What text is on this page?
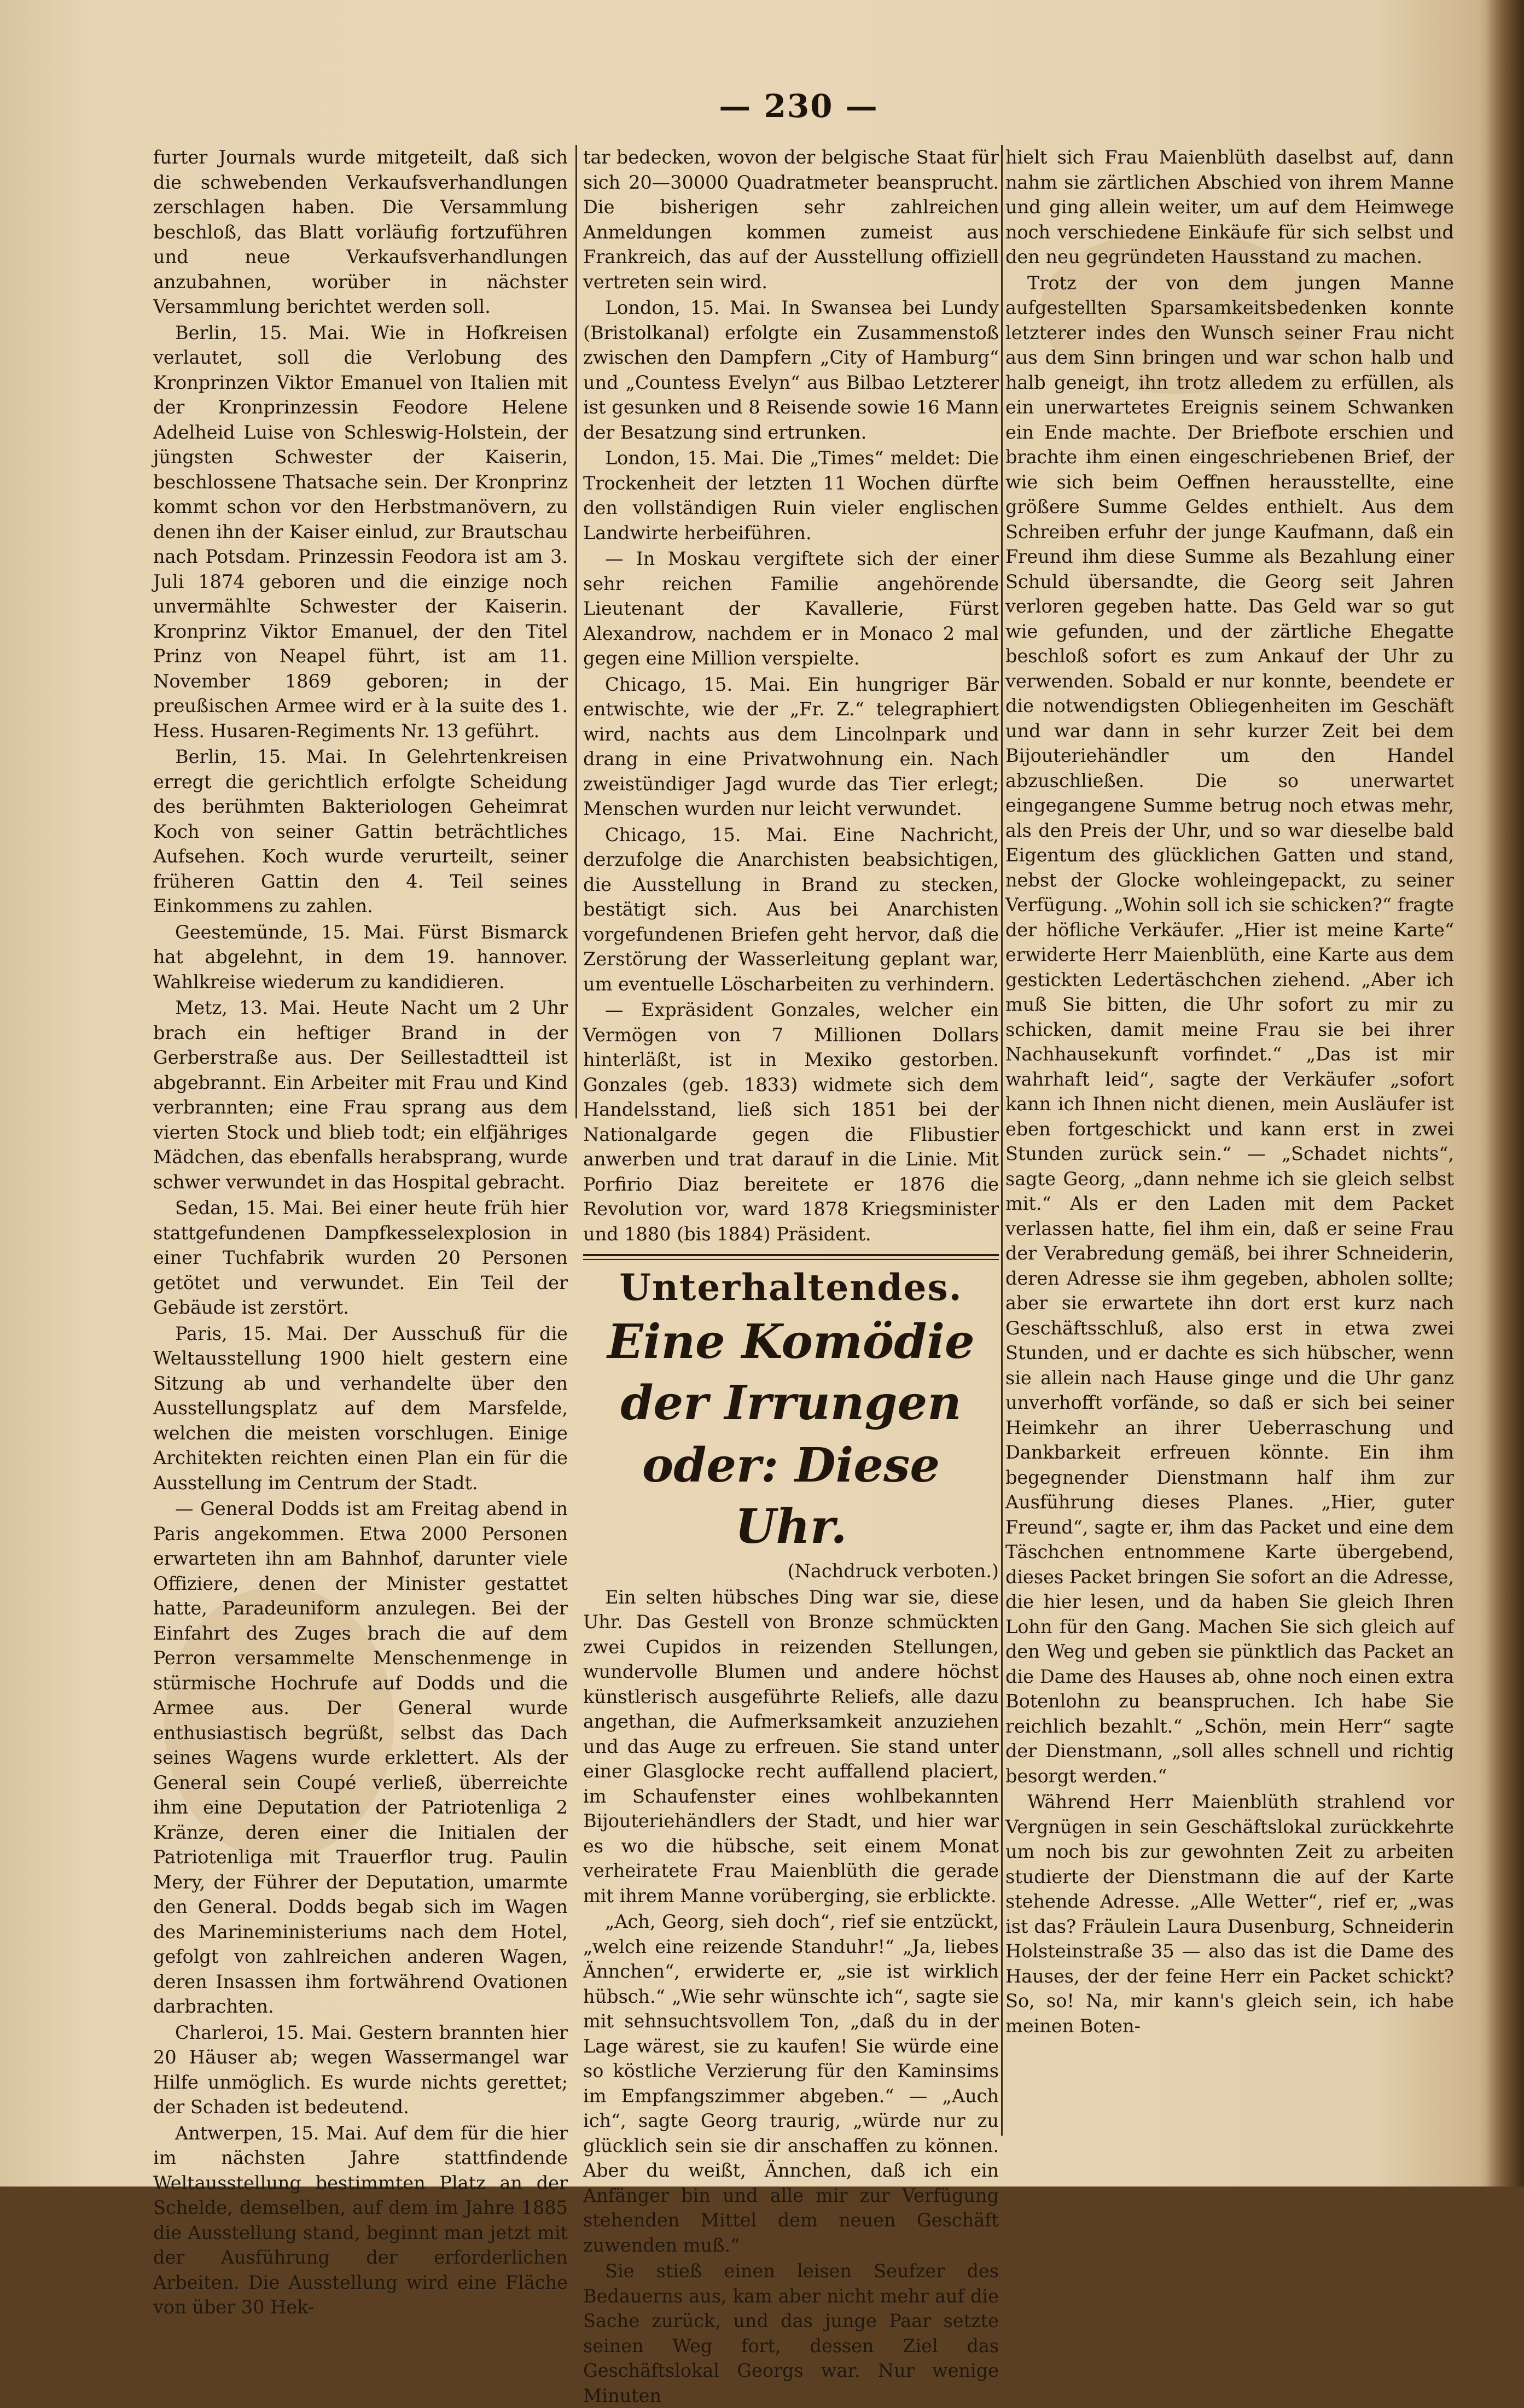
— 230 —

furter Journals wurde mitgeteilt, daß sich die schwebenden Verkaufsverhandlungen zerschlagen haben. Die Versammlung beschloß, das Blatt vorläufig fortzuführen und neue Verkaufsverhandlungen anzubahnen, worüber in nächster Versammlung berichtet werden soll.

Berlin, 15. Mai. Wie in Hofkreisen verlautet, soll die Verlobung des Kronprinzen Viktor Emanuel von Italien mit der Kronprinzessin Feodore Helene Adelheid Luise von Schleswig-Holstein, der jüngsten Schwester der Kaiserin, beschlossene Thatsache sein. Der Kronprinz kommt schon vor den Herbstmanövern, zu denen ihn der Kaiser einlud, zur Brautschau nach Potsdam. Prinzessin Feodora ist am 3. Juli 1874 geboren und die einzige noch unvermählte Schwester der Kaiserin. Kronprinz Viktor Emanuel, der den Titel Prinz von Neapel führt, ist am 11. November 1869 geboren; in der preußischen Armee wird er à la suite des 1. Hess. Husaren-Regiments Nr. 13 geführt.

Berlin, 15. Mai. In Gelehrtenkreisen erregt die gerichtlich erfolgte Scheidung des berühmten Bakteriologen Geheimrat Koch von seiner Gattin beträchtliches Aufsehen. Koch wurde verurteilt, seiner früheren Gattin den 4. Teil seines Einkommens zu zahlen.

Geestemünde, 15. Mai. Fürst Bismarck hat abgelehnt, in dem 19. hannover. Wahlkreise wiederum zu kandidieren.

Metz, 13. Mai. Heute Nacht um 2 Uhr brach ein heftiger Brand in der Gerberstraße aus. Der Seillestadtteil ist abgebrannt. Ein Arbeiter mit Frau und Kind verbrannten; eine Frau sprang aus dem vierten Stock und blieb todt; ein elfjähriges Mädchen, das ebenfalls herabsprang, wurde schwer verwundet in das Hospital gebracht.

Sedan, 15. Mai. Bei einer heute früh hier stattgefundenen Dampfkesselexplosion in einer Tuchfabrik wurden 20 Personen getötet und verwundet. Ein Teil der Gebäude ist zerstört.

Paris, 15. Mai. Der Ausschuß für die Weltausstellung 1900 hielt gestern eine Sitzung ab und verhandelte über den Ausstellungsplatz auf dem Marsfelde, welchen die meisten vorschlugen. Einige Architekten reichten einen Plan ein für die Ausstellung im Centrum der Stadt.

— General Dodds ist am Freitag abend in Paris angekommen. Etwa 2000 Personen erwarteten ihn am Bahnhof, darunter viele Offiziere, denen der Minister gestattet hatte, Paradeuniform anzulegen. Bei der Einfahrt des Zuges brach die auf dem Perron versammelte Menschenmenge in stürmische Hochrufe auf Dodds und die Armee aus. Der General wurde enthusiastisch begrüßt, selbst das Dach seines Wagens wurde erklettert. Als der General sein Coupé verließ, überreichte ihm eine Deputation der Patriotenliga 2 Kränze, deren einer die Initialen der Patriotenliga mit Trauerflor trug. Paulin Mery, der Führer der Deputation, umarmte den General. Dodds begab sich im Wagen des Marineministeriums nach dem Hotel, gefolgt von zahlreichen anderen Wagen, deren Insassen ihm fortwährend Ovationen darbrachten.

Charleroi, 15. Mai. Gestern brannten hier 20 Häuser ab; wegen Wassermangel war Hilfe unmöglich. Es wurde nichts gerettet; der Schaden ist bedeutend.

Antwerpen, 15. Mai. Auf dem für die hier im nächsten Jahre stattfindende Weltausstellung bestimmten Platz an der Schelde, demselben, auf dem im Jahre 1885 die Ausstellung stand, beginnt man jetzt mit der Ausführung der erforderlichen Arbeiten. Die Ausstellung wird eine Fläche von über 30 Hek-

tar bedecken, wovon der belgische Staat für sich 20—30000 Quadratmeter beansprucht. Die bisherigen sehr zahlreichen Anmeldungen kommen zumeist aus Frankreich, das auf der Ausstellung offiziell vertreten sein wird.

London, 15. Mai. In Swansea bei Lundy (Bristolkanal) erfolgte ein Zusammenstoß zwischen den Dampfern „City of Hamburg“ und „Countess Evelyn“ aus Bilbao Letzterer ist gesunken und 8 Reisende sowie 16 Mann der Besatzung sind ertrunken.

London, 15. Mai. Die „Times“ meldet: Die Trockenheit der letzten 11 Wochen dürfte den vollständigen Ruin vieler englischen Landwirte herbeiführen.

— In Moskau vergiftete sich der einer sehr reichen Familie angehörende Lieutenant der Kavallerie, Fürst Alexandrow, nachdem er in Monaco 2 mal gegen eine Million verspielte.

Chicago, 15. Mai. Ein hungriger Bär entwischte, wie der „Fr. Z.“ telegraphiert wird, nachts aus dem Lincolnpark und drang in eine Privatwohnung ein. Nach zweistündiger Jagd wurde das Tier erlegt; Menschen wurden nur leicht verwundet.

Chicago, 15. Mai. Eine Nachricht, derzufolge die Anarchisten beabsichtigen, die Ausstellung in Brand zu stecken, bestätigt sich. Aus bei Anarchisten vorgefundenen Briefen geht hervor, daß die Zerstörung der Wasserleitung geplant war, um eventuelle Löscharbeiten zu verhindern.

— Expräsident Gonzales, welcher ein Vermögen von 7 Millionen Dollars hinterläßt, ist in Mexiko gestorben. Gonzales (geb. 1833) widmete sich dem Handelsstand, ließ sich 1851 bei der Nationalgarde gegen die Flibustier anwerben und trat darauf in die Linie. Mit Porfirio Diaz bereitete er 1876 die Revolution vor, ward 1878 Kriegsminister und 1880 (bis 1884) Präsident.

Unterhaltendes.

Eine Komödie der Irrungen

oder: Diese Uhr.

(Nachdruck verboten.)

Ein selten hübsches Ding war sie, diese Uhr. Das Gestell von Bronze schmückten zwei Cupidos in reizenden Stellungen, wundervolle Blumen und andere höchst künstlerisch ausgeführte Reliefs, alle dazu angethan, die Aufmerksamkeit anzuziehen und das Auge zu erfreuen. Sie stand unter einer Glasglocke recht auffallend placiert, im Schaufenster eines wohlbekannten Bijouteriehändlers der Stadt, und hier war es wo die hübsche, seit einem Monat verheiratete Frau Maienblüth die gerade mit ihrem Manne vorüberging, sie erblickte.

„Ach, Georg, sieh doch“, rief sie entzückt, „welch eine reizende Standuhr!“ „Ja, liebes Ännchen“, erwiderte er, „sie ist wirklich hübsch.“ „Wie sehr wünschte ich“, sagte sie mit sehnsuchtsvollem Ton, „daß du in der Lage wärest, sie zu kaufen! Sie würde eine so köstliche Verzierung für den Kaminsims im Empfangszimmer abgeben.“ — „Auch ich“, sagte Georg traurig, „würde nur zu glücklich sein sie dir anschaffen zu können. Aber du weißt, Ännchen, daß ich ein Anfänger bin und alle mir zur Verfügung stehenden Mittel dem neuen Geschäft zuwenden muß.“

Sie stieß einen leisen Seufzer des Bedauerns aus, kam aber nicht mehr auf die Sache zurück, und das junge Paar setzte seinen Weg fort, dessen Ziel das Geschäftslokal Georgs war. Nur wenige Minuten

hielt sich Frau Maienblüth daselbst auf, dann nahm sie zärtlichen Abschied von ihrem Manne und ging allein weiter, um auf dem Heimwege noch verschiedene Einkäufe für sich selbst und den neu gegründeten Hausstand zu machen.

Trotz der von dem jungen Manne aufgestellten Sparsamkeitsbedenken konnte letzterer indes den Wunsch seiner Frau nicht aus dem Sinn bringen und war schon halb und halb geneigt, ihn trotz alledem zu erfüllen, als ein unerwartetes Ereignis seinem Schwanken ein Ende machte. Der Briefbote erschien und brachte ihm einen eingeschriebenen Brief, der wie sich beim Oeffnen herausstellte, eine größere Summe Geldes enthielt. Aus dem Schreiben erfuhr der junge Kaufmann, daß ein Freund ihm diese Summe als Bezahlung einer Schuld übersandte, die Georg seit Jahren verloren gegeben hatte. Das Geld war so gut wie gefunden, und der zärtliche Ehegatte beschloß sofort es zum Ankauf der Uhr zu verwenden. Sobald er nur konnte, beendete er die notwendigsten Obliegenheiten im Geschäft und war dann in sehr kurzer Zeit bei dem Bijouteriehändler um den Handel abzuschließen. Die so unerwartet eingegangene Summe betrug noch etwas mehr, als den Preis der Uhr, und so war dieselbe bald Eigentum des glücklichen Gatten und stand, nebst der Glocke wohleingepackt, zu seiner Verfügung. „Wohin soll ich sie schicken?“ fragte der höfliche Verkäufer. „Hier ist meine Karte“ erwiderte Herr Maienblüth, eine Karte aus dem gestickten Ledertäschchen ziehend. „Aber ich muß Sie bitten, die Uhr sofort zu mir zu schicken, damit meine Frau sie bei ihrer Nachhausekunft vorfindet.“ „Das ist mir wahrhaft leid“, sagte der Verkäufer „sofort kann ich Ihnen nicht dienen, mein Ausläufer ist eben fortgeschickt und kann erst in zwei Stunden zurück sein.“ — „Schadet nichts“, sagte Georg, „dann nehme ich sie gleich selbst mit.“ Als er den Laden mit dem Packet verlassen hatte, fiel ihm ein, daß er seine Frau der Verabredung gemäß, bei ihrer Schneiderin, deren Adresse sie ihm gegeben, abholen sollte; aber sie erwartete ihn dort erst kurz nach Geschäftsschluß, also erst in etwa zwei Stunden, und er dachte es sich hübscher, wenn sie allein nach Hause ginge und die Uhr ganz unverhofft vorfände, so daß er sich bei seiner Heimkehr an ihrer Ueberraschung und Dankbarkeit erfreuen könnte. Ein ihm begegnender Dienstmann half ihm zur Ausführung dieses Planes. „Hier, guter Freund“, sagte er, ihm das Packet und eine dem Täschchen entnommene Karte übergebend, dieses Packet bringen Sie sofort an die Adresse, die hier lesen, und da haben Sie gleich Ihren Lohn für den Gang. Machen Sie sich gleich auf den Weg und geben sie pünktlich das Packet an die Dame des Hauses ab, ohne noch einen extra Botenlohn zu beanspruchen. Ich habe Sie reichlich bezahlt.“ „Schön, mein Herr“ sagte der Dienstmann, „soll alles schnell und richtig besorgt werden.“

Während Herr Maienblüth strahlend vor Vergnügen in sein Geschäftslokal zurückkehrte um noch bis zur gewohnten Zeit zu arbeiten studierte der Dienstmann die auf der Karte stehende Adresse. „Alle Wetter“, rief er, „was ist das? Fräulein Laura Dusenburg, Schneiderin Holsteinstraße 35 — also das ist die Dame des Hauses, der der feine Herr ein Packet schickt? So, so! Na, mir kann's gleich sein, ich habe meinen Boten-
